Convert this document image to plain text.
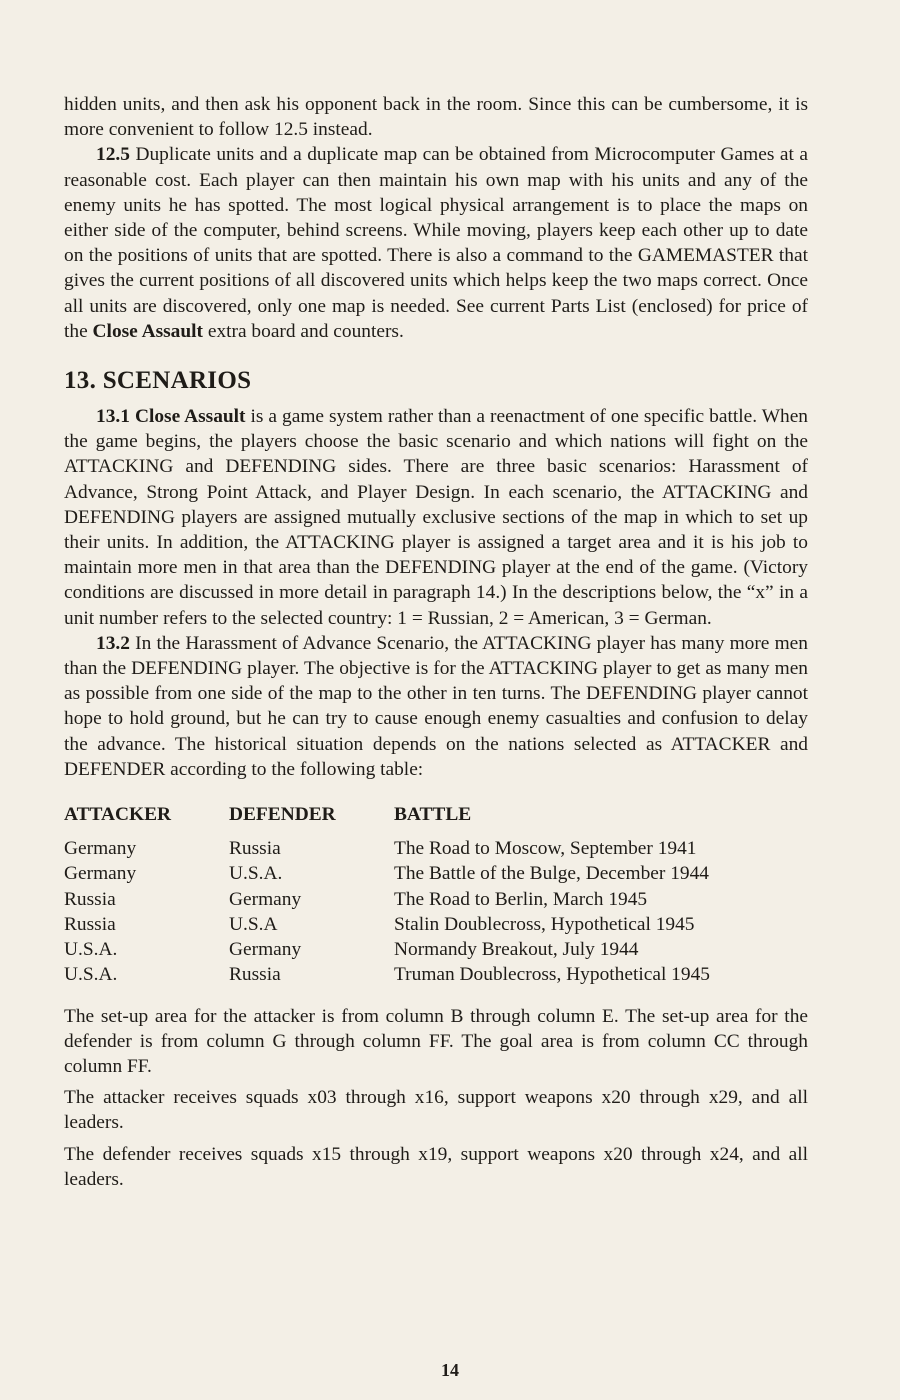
hidden units, and then ask his opponent back in the room. Since this can be cumbersome, it is more convenient to follow 12.5 instead.

12.5 Duplicate units and a duplicate map can be obtained from Microcomputer Games at a reasonable cost. Each player can then maintain his own map with his units and any of the enemy units he has spotted. The most logical physical arrangement is to place the maps on either side of the computer, behind screens. While moving, players keep each other up to date on the positions of units that are spotted. There is also a command to the GAMEMASTER that gives the current positions of all discovered units which helps keep the two maps correct. Once all units are discovered, only one map is needed. See current Parts List (enclosed) for price of the Close Assault extra board and counters.

13. SCENARIOS

13.1 Close Assault is a game system rather than a reenactment of one specific battle. When the game begins, the players choose the basic scenario and which nations will fight on the ATTACKING and DEFENDING sides. There are three basic scenarios: Harassment of Advance, Strong Point Attack, and Player Design. In each scenario, the ATTACKING and DEFENDING players are assigned mutually exclusive sections of the map in which to set up their units. In addition, the ATTACKING player is assigned a target area and it is his job to maintain more men in that area than the DEFENDING player at the end of the game. (Victory conditions are discussed in more detail in paragraph 14.) In the descriptions below, the “x” in a unit number refers to the selected country: 1 = Russian, 2 = American, 3 = German.

13.2 In the Harassment of Advance Scenario, the ATTACKING player has many more men than the DEFENDING player. The objective is for the ATTACKING player to get as many men as possible from one side of the map to the other in ten turns. The DEFENDING player cannot hope to hold ground, but he can try to cause enough enemy casualties and confusion to delay the advance. The historical situation depends on the nations selected as ATTACKER and DEFENDER according to the following table:

ATTACKER	DEFENDER	BATTLE
Germany	Russia	The Road to Moscow, September 1941
Germany	U.S.A.	The Battle of the Bulge, December 1944
Russia	Germany	The Road to Berlin, March 1945
Russia	U.S.A	Stalin Doublecross, Hypothetical 1945
U.S.A.	Germany	Normandy Breakout, July 1944
U.S.A.	Russia	Truman Doublecross, Hypothetical 1945

The set-up area for the attacker is from column B through column E. The set-up area for the defender is from column G through column FF. The goal area is from column CC through column FF.

The attacker receives squads x03 through x16, support weapons x20 through x29, and all leaders.

The defender receives squads x15 through x19, support weapons x20 through x24, and all leaders.

14
